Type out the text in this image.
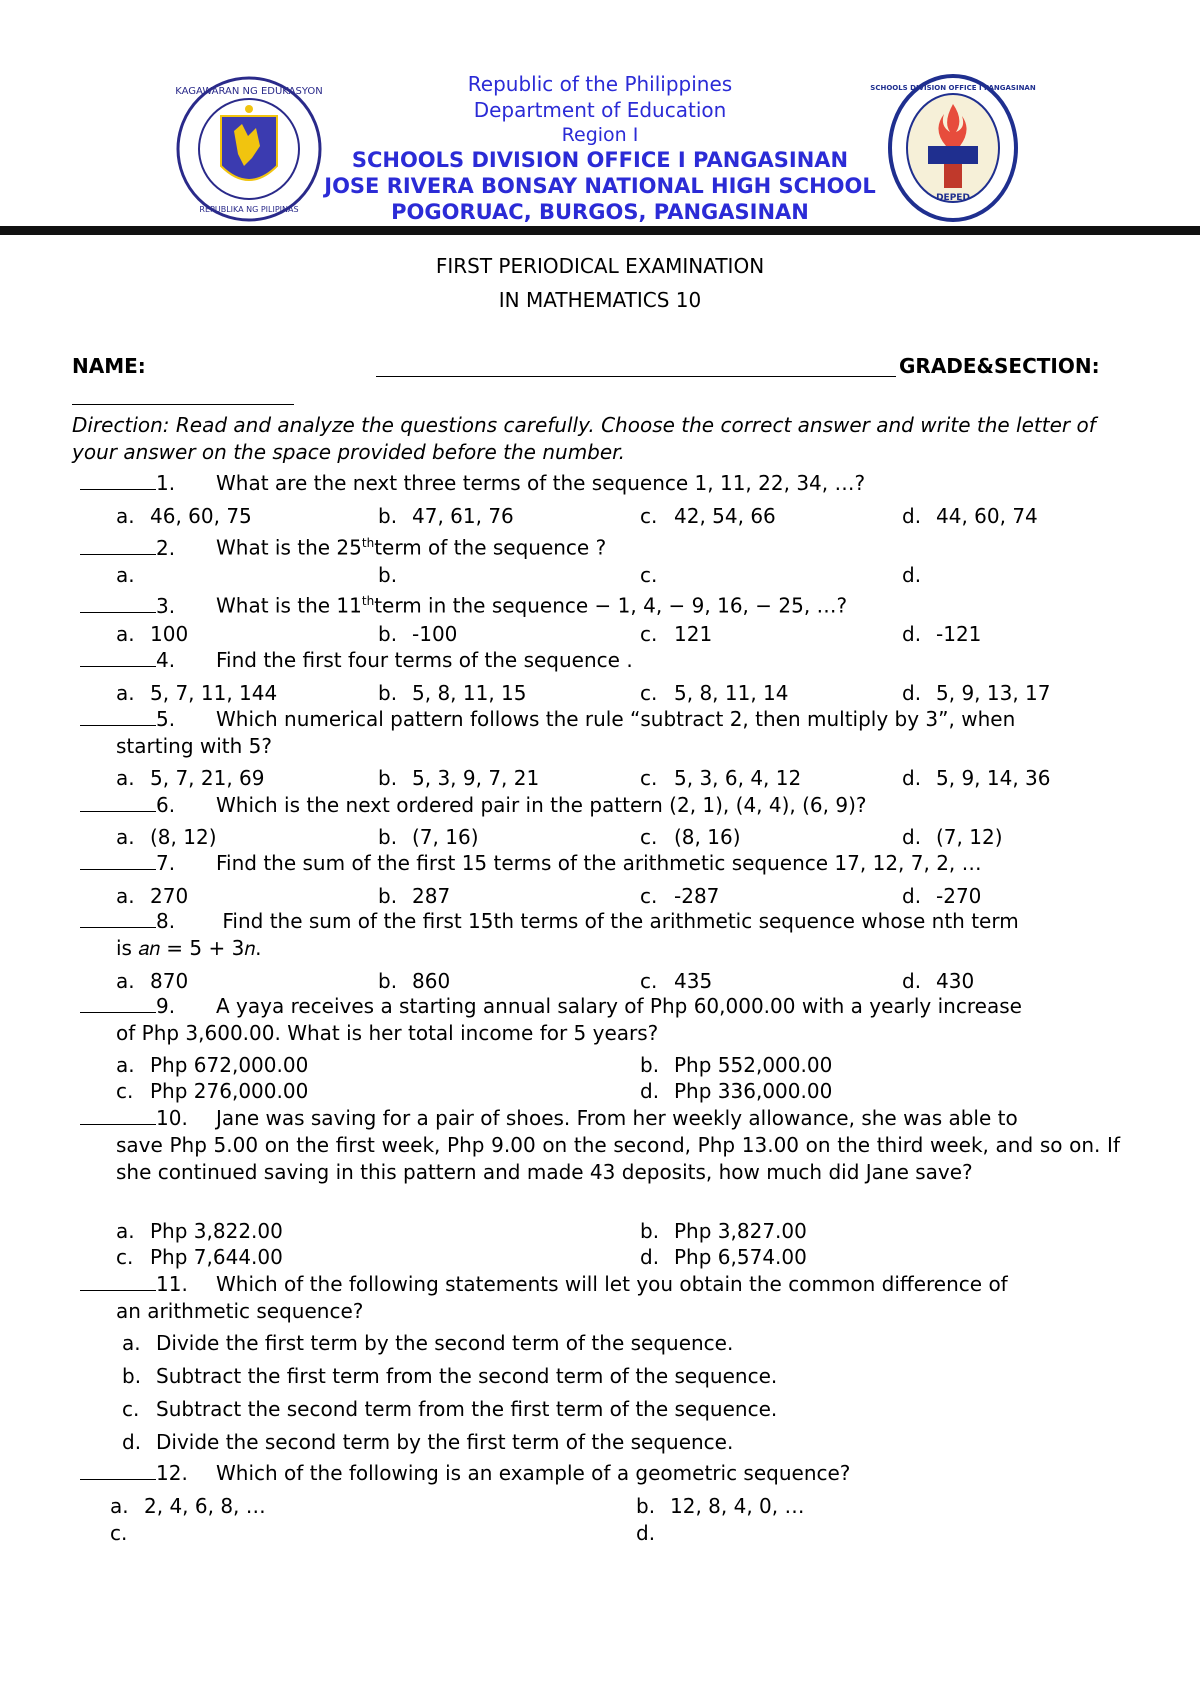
KAGAWARAN NG EDUKASYON
REPUBLIKA NG PILIPINAS
Republic of the Philippines
Department of Education
Region I
SCHOOLS DIVISION OFFICE I PANGASINAN
JOSE RIVERA BONSAY NATIONAL HIGH SCHOOL
POGORUAC, BURGOS, PANGASINAN
DEPED
SCHOOLS DIVISION OFFICE I PANGASINAN
FIRST PERIODICAL EXAMINATION
IN MATHEMATICS 10
NAME:	GRADE&SECTION:
Direction: Read and analyze the questions carefully. Choose the correct answer and write the letter of your answer on the space provided before the number.
1. What are the next three terms of the sequence 1, 11, 22, 34, …?
a. 46, 60, 75	b. 47, 61, 76	c. 42, 54, 66	d. 44, 60, 74
2. What is the 25thterm of the sequence ?
a.	b.	c.	d.
3. What is the 11thterm in the sequence − 1, 4, − 9, 16, − 25, …?
a. 100	b. -100	c. 121	d. -121
4. Find the first four terms of the sequence .
a. 5, 7, 11, 144	b. 5, 8, 11, 15	c. 5, 8, 11, 14	d. 5, 9, 13, 17
5. Which numerical pattern follows the rule “subtract 2, then multiply by 3”, when
starting with 5?
a. 5, 7, 21, 69	b. 5, 3, 9, 7, 21	c. 5, 3, 6, 4, 12	d. 5, 9, 14, 36
6. Which is the next ordered pair in the pattern (2, 1), (4, 4), (6, 9)?
a. (8, 12)	b. (7, 16)	c. (8, 16)	d. (7, 12)
7. Find the sum of the first 15 terms of the arithmetic sequence 17, 12, 7, 2, …
a. 270	b. 287	c. -287	d. -270
8. Find the sum of the first 15th terms of the arithmetic sequence whose nth term
is 𝑎𝑛 = 5 + 3𝑛.
a. 870	b. 860	c. 435	d. 430
9. A yaya receives a starting annual salary of Php 60,000.00 with a yearly increase
of Php 3,600.00. What is her total income for 5 years?
a. Php 672,000.00	b. Php 552,000.00
c. Php 276,000.00	d. Php 336,000.00
10. Jane was saving for a pair of shoes. From her weekly allowance, she was able to
save Php 5.00 on the first week, Php 9.00 on the second, Php 13.00 on the third week, and so on. If she continued saving in this pattern and made 43 deposits, how much did Jane save?
a. Php 3,822.00	b. Php 3,827.00
c. Php 7,644.00	d. Php 6,574.00
11. Which of the following statements will let you obtain the common difference of
an arithmetic sequence?
a. Divide the first term by the second term of the sequence.
b. Subtract the first term from the second term of the sequence.
c. Subtract the second term from the first term of the sequence.
d. Divide the second term by the first term of the sequence.
12. Which of the following is an example of a geometric sequence?
a. 2, 4, 6, 8, …	b. 12, 8, 4, 0, …
c.	d.
